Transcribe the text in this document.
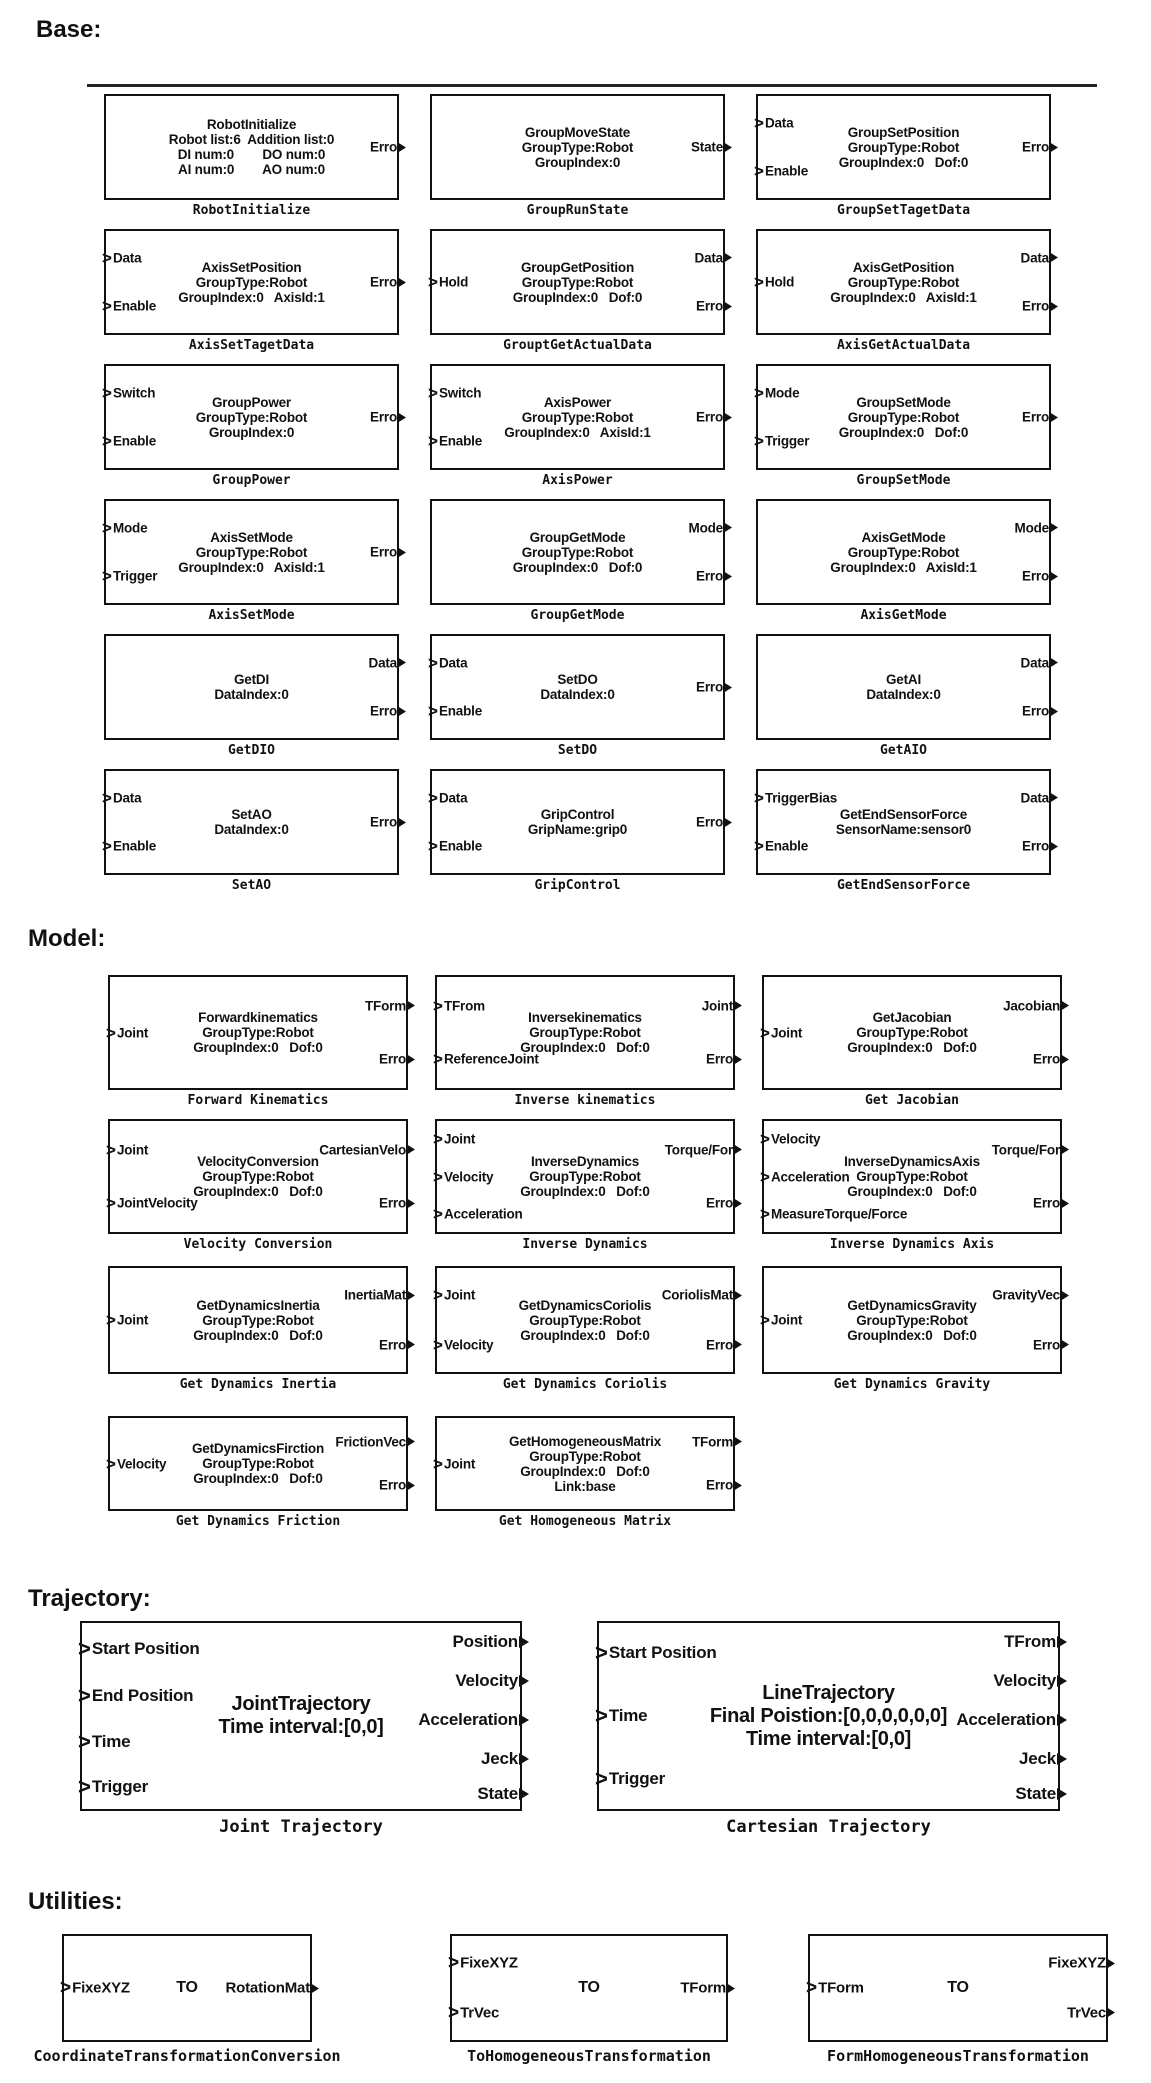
Base:
RobotInitialize
Robot list:6  Addition list:0
DI num:0        DO num:0
AI num:0        AO num:0
Erro
RobotInitialize
GroupMoveState
GroupType:Robot
GroupIndex:0
State
GroupRunState
GroupSetPosition
GroupType:Robot
GroupIndex:0   Dof:0
> Data
> Enable
Erro
GroupSetTagetData
AxisSetPosition
GroupType:Robot
GroupIndex:0   AxisId:1
> Data
> Enable
Erro
AxisSetTagetData
GroupGetPosition
GroupType:Robot
GroupIndex:0   Dof:0
> Hold
Data
Erro
GrouptGetActualData
AxisGetPosition
GroupType:Robot
GroupIndex:0   AxisId:1
> Hold
Data
Erro
AxisGetActualData
GroupPower
GroupType:Robot
GroupIndex:0
> Switch
> Enable
Erro
GroupPower
AxisPower
GroupType:Robot
GroupIndex:0   AxisId:1
> Switch
> Enable
Erro
AxisPower
GroupSetMode
GroupType:Robot
GroupIndex:0   Dof:0
> Mode
> Trigger
Erro
GroupSetMode
AxisSetMode
GroupType:Robot
GroupIndex:0   AxisId:1
> Mode
> Trigger
Erro
AxisSetMode
GroupGetMode
GroupType:Robot
GroupIndex:0   Dof:0
Mode
Erro
GroupGetMode
AxisGetMode
GroupType:Robot
GroupIndex:0   AxisId:1
Mode
Erro
AxisGetMode
GetDI
DataIndex:0
Data
Erro
GetDIO
SetDO
DataIndex:0
> Data
> Enable
Erro
SetDO
GetAI
DataIndex:0
Data
Erro
GetAIO
SetAO
DataIndex:0
> Data
> Enable
Erro
SetAO
GripControl
GripName:grip0
> Data
> Enable
Erro
GripControl
GetEndSensorForce
SensorName:sensor0
> TriggerBias
> Enable
Data
Erro
GetEndSensorForce
Model:
Forwardkinematics
GroupType:Robot
GroupIndex:0   Dof:0
> Joint
TForm
Erro
Forward Kinematics
Inversekinematics
GroupType:Robot
GroupIndex:0   Dof:0
> TFrom
> ReferenceJoint
Joint
Erro
Inverse kinematics
GetJacobian
GroupType:Robot
GroupIndex:0   Dof:0
> Joint
Jacobian
Erro
Get Jacobian
VelocityConversion
GroupType:Robot
GroupIndex:0   Dof:0
> Joint
> JointVelocity
CartesianVelo
Erro
Velocity Conversion
InverseDynamics
GroupType:Robot
GroupIndex:0   Dof:0
> Joint
> Velocity
> Acceleration
Torque/For
Erro
Inverse Dynamics
InverseDynamicsAxis
GroupType:Robot
GroupIndex:0   Dof:0
> Velocity
> Acceleration
> MeasureTorque/Force
Torque/For
Erro
Inverse Dynamics Axis
GetDynamicsInertia
GroupType:Robot
GroupIndex:0   Dof:0
> Joint
InertiaMat
Erro
Get Dynamics Inertia
GetDynamicsCoriolis
GroupType:Robot
GroupIndex:0   Dof:0
> Joint
> Velocity
CoriolisMat
Erro
Get Dynamics Coriolis
GetDynamicsGravity
GroupType:Robot
GroupIndex:0   Dof:0
> Joint
GravityVec
Erro
Get Dynamics Gravity
GetDynamicsFirction
GroupType:Robot
GroupIndex:0   Dof:0
> Velocity
FrictionVec
Erro
Get Dynamics Friction
GetHomogeneousMatrix
GroupType:Robot
GroupIndex:0   Dof:0
Link:base
> Joint
TForm
Erro
Get Homogeneous Matrix
Trajectory:
JointTrajectory
Time interval:[0,0]
> Start Position
> End Position
> Time
> Trigger
Position
Velocity
Acceleration
Jeck
State
Joint Trajectory
LineTrajectory
Final Poistion:[0,0,0,0,0,0]
Time interval:[0,0]
> Start Position
> Time
> Trigger
TFrom
Velocity
Acceleration
Jeck
State
Cartesian Trajectory
Utilities:
TO
> FixeXYZ	RotationMat
CoordinateTransformationConversion
TO
> FixeXYZ
> TrVec
TForm
ToHomogeneousTransformation
TO
> TForm
FixeXYZ
TrVec
FormHomogeneousTransformation
